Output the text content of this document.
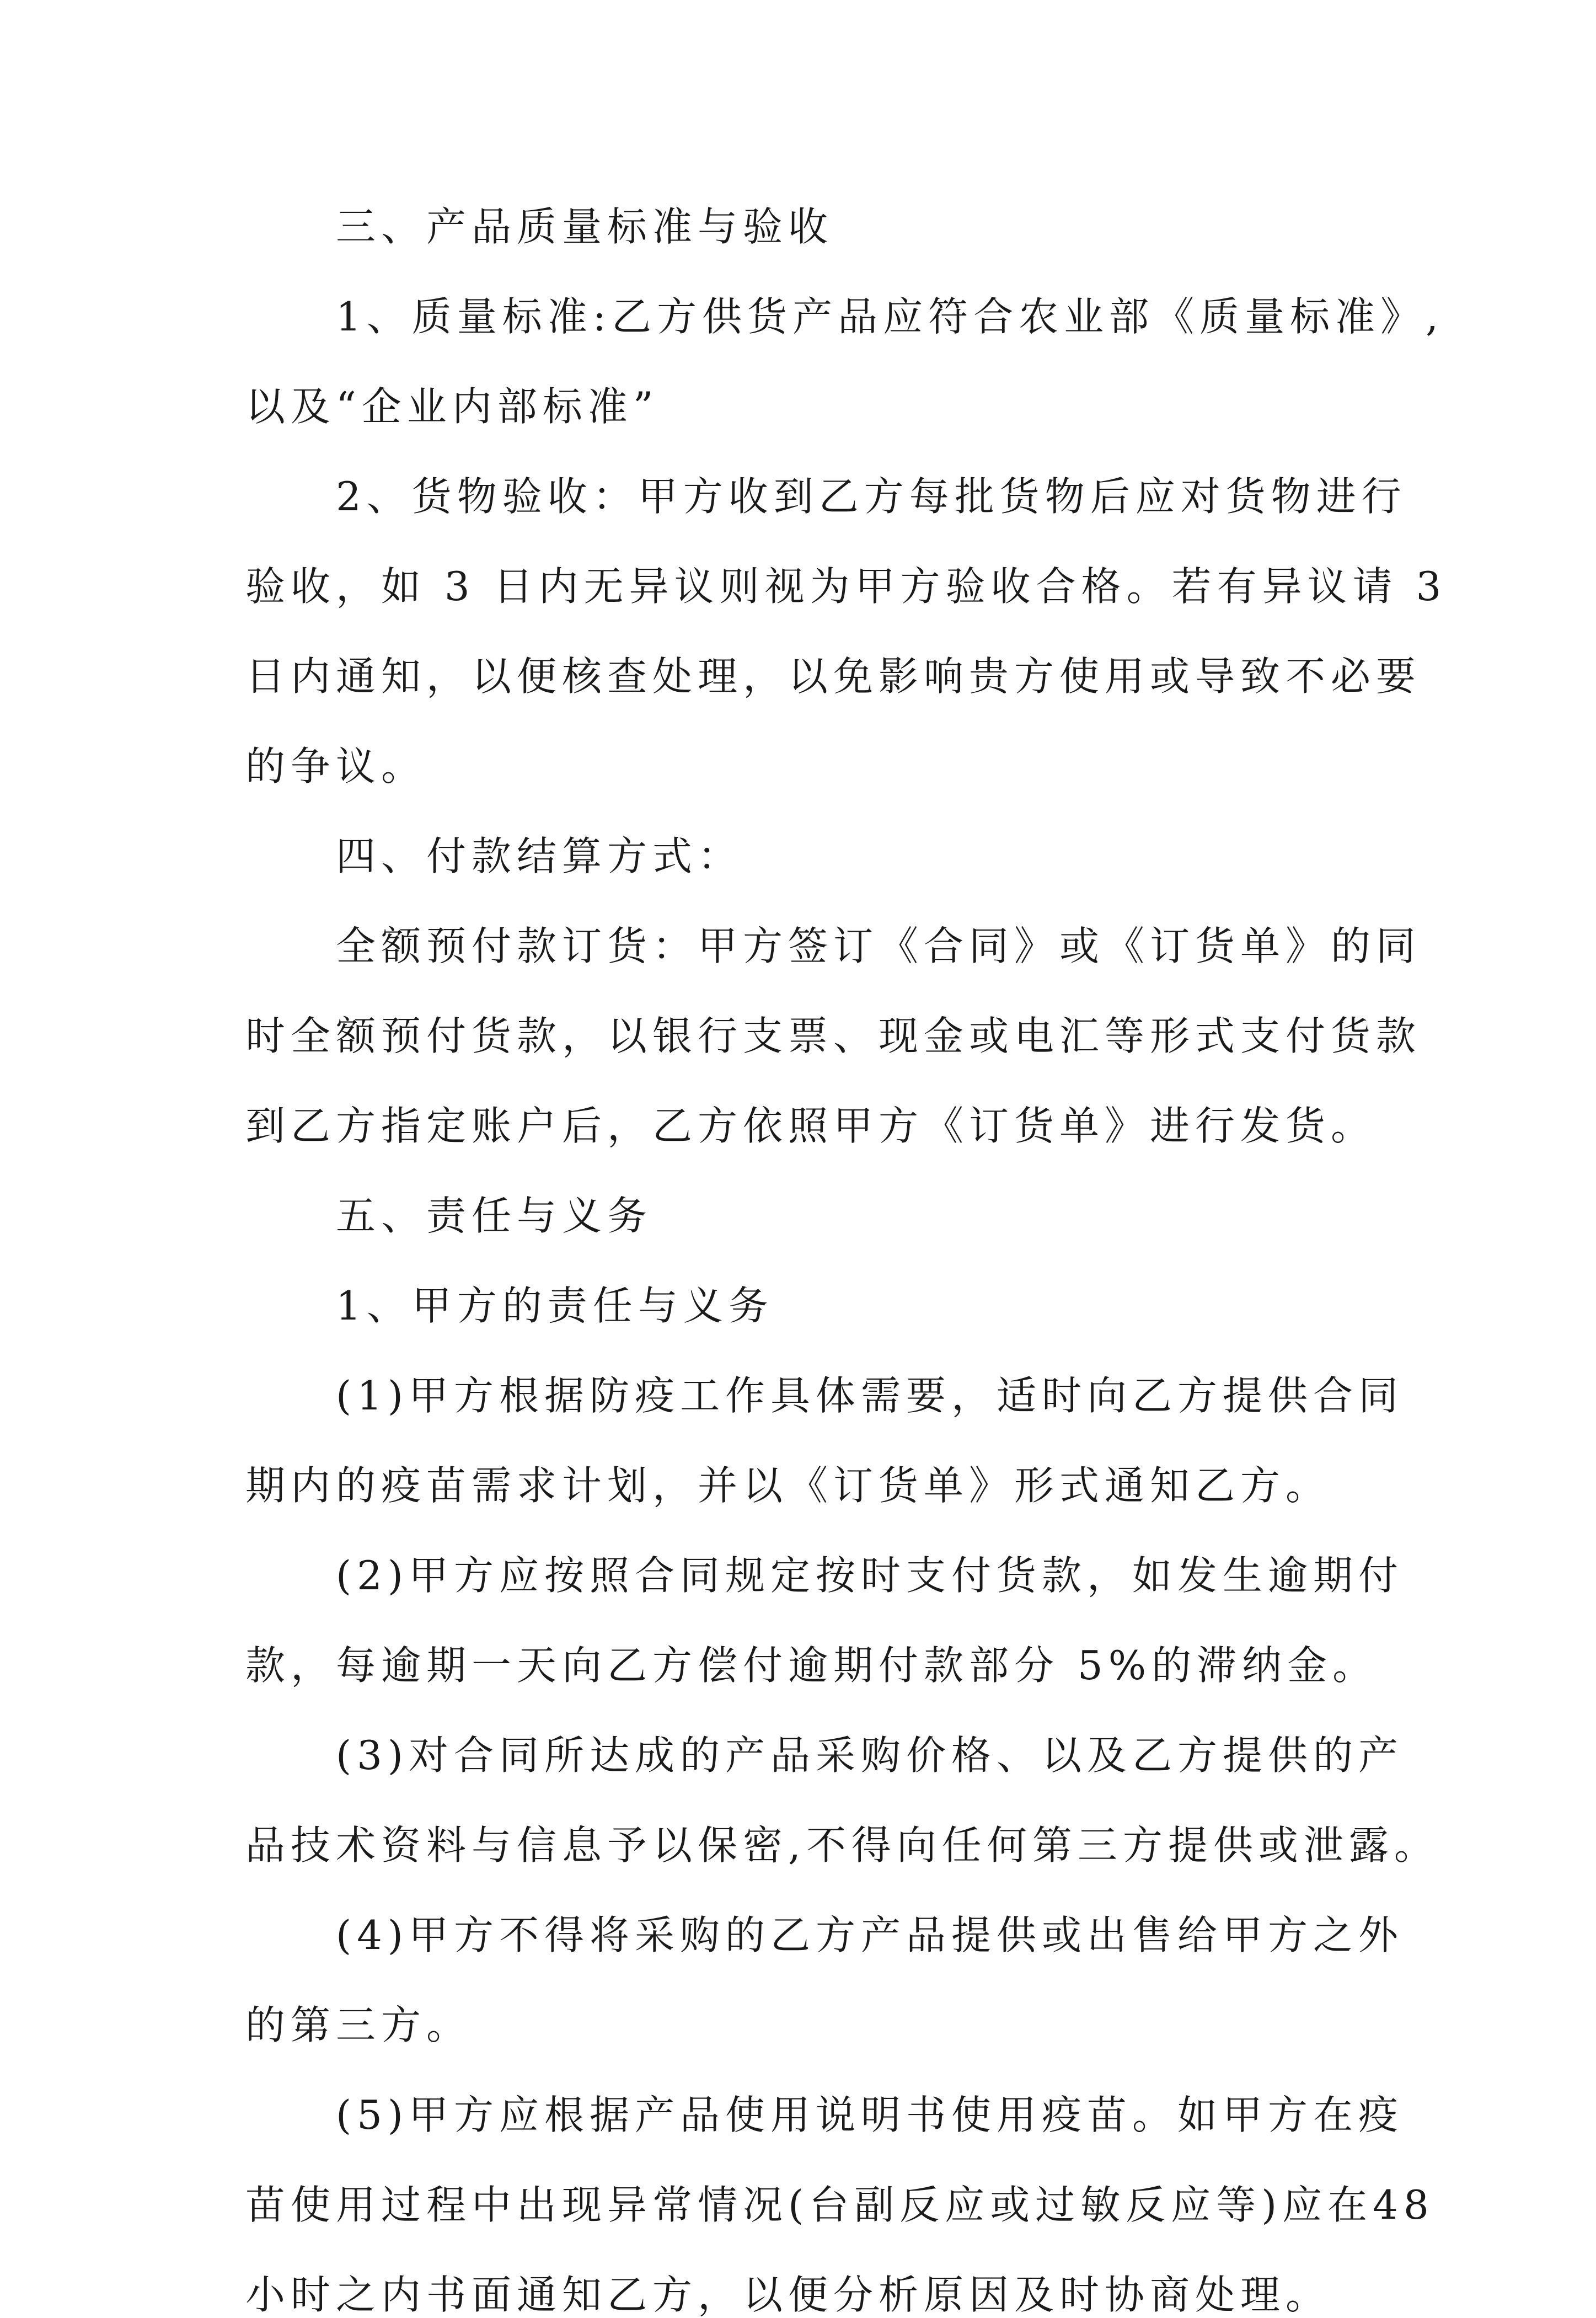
三、产品质量标准与验收

1、质量标准:乙方供货产品应符合农业部《质量标准》,

以及“企业内部标准”

2、货物验收：甲方收到乙方每批货物后应对货物进行

验收，如 3 日内无异议则视为甲方验收合格。若有异议请 3

日内通知，以便核查处理，以免影响贵方使用或导致不必要

的争议。

四、付款结算方式：

全额预付款订货：甲方签订《合同》或《订货单》的同

时全额预付货款，以银行支票、现金或电汇等形式支付货款

到乙方指定账户后，乙方依照甲方《订货单》进行发货。

五、责任与义务

1、甲方的责任与义务

(1)甲方根据防疫工作具体需要，适时向乙方提供合同

期内的疫苗需求计划，并以《订货单》形式通知乙方。

(2)甲方应按照合同规定按时支付货款，如发生逾期付

款，每逾期一天向乙方偿付逾期付款部分 5%的滞纳金。

(3)对合同所达成的产品采购价格、以及乙方提供的产

品技术资料与信息予以保密,不得向任何第三方提供或泄露。

(4)甲方不得将采购的乙方产品提供或出售给甲方之外

的第三方。

(5)甲方应根据产品使用说明书使用疫苗。如甲方在疫

苗使用过程中出现异常情况(台副反应或过敏反应等)应在48

小时之内书面通知乙方，以便分析原因及时协商处理。
